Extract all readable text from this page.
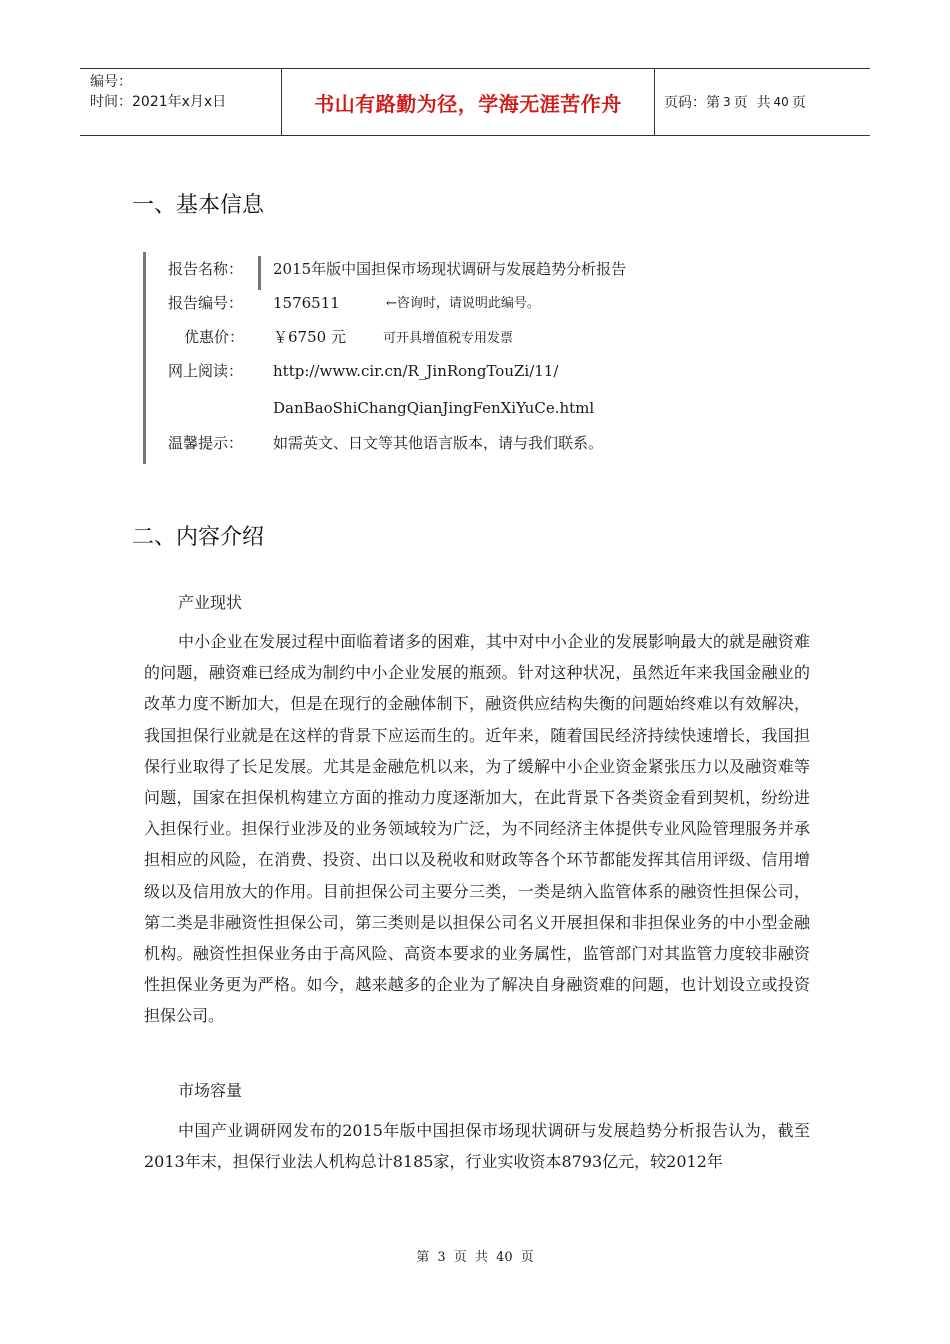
编号：
时间：2021年x月x日	书山有路勤为径，学海无涯苦作舟	页码：第 3 页  共 40 页
一、基本信息
报告名称：	2015年版中国担保市场现状调研与发展趋势分析报告
报告编号：	1576511	←咨询时，请说明此编号。
优惠价： ￥6750 元	可开具增值税专用发票
网上阅读：	http://www.cir.cn/R_JinRongTouZi/11/
DanBaoShiChangQianJingFenXiYuCe.html
温馨提示：	如需英文、日文等其他语言版本，请与我们联系。
二、内容介绍
产业现状

中小企业在发展过程中面临着诸多的困难，其中对中小企业的发展影响最大的就是融资难的问题，融资难已经成为制约中小企业发展的瓶颈。针对这种状况，虽然近年来我国金融业的改革力度不断加大，但是在现行的金融体制下，融资供应结构失衡的问题始终难以有效解决，我国担保行业就是在这样的背景下应运而生的。近年来，随着国民经济持续快速增长，我国担保行业取得了长足发展。尤其是金融危机以来，为了缓解中小企业资金紧张压力以及融资难等问题，国家在担保机构建立方面的推动力度逐渐加大，在此背景下各类资金看到契机，纷纷进入担保行业。担保行业涉及的业务领域较为广泛，为不同经济主体提供专业风险管理服务并承担相应的风险，在消费、投资、出口以及税收和财政等各个环节都能发挥其信用评级、信用增级以及信用放大的作用。目前担保公司主要分三类，一类是纳入监管体系的融资性担保公司，第二类是非融资性担保公司，第三类则是以担保公司名义开展担保和非担保业务的中小型金融机构。融资性担保业务由于高风险、高资本要求的业务属性，监管部门对其监管力度较非融资性担保业务更为严格。如今，越来越多的企业为了解决自身融资难的问题，也计划设立或投资担保公司。

市场容量

中国产业调研网发布的2015年版中国担保市场现状调研与发展趋势分析报告认为，截至2013年末，担保行业法人机构总计8185家，行业实收资本8793亿元，较2012年

第 3 页 共 40 页
